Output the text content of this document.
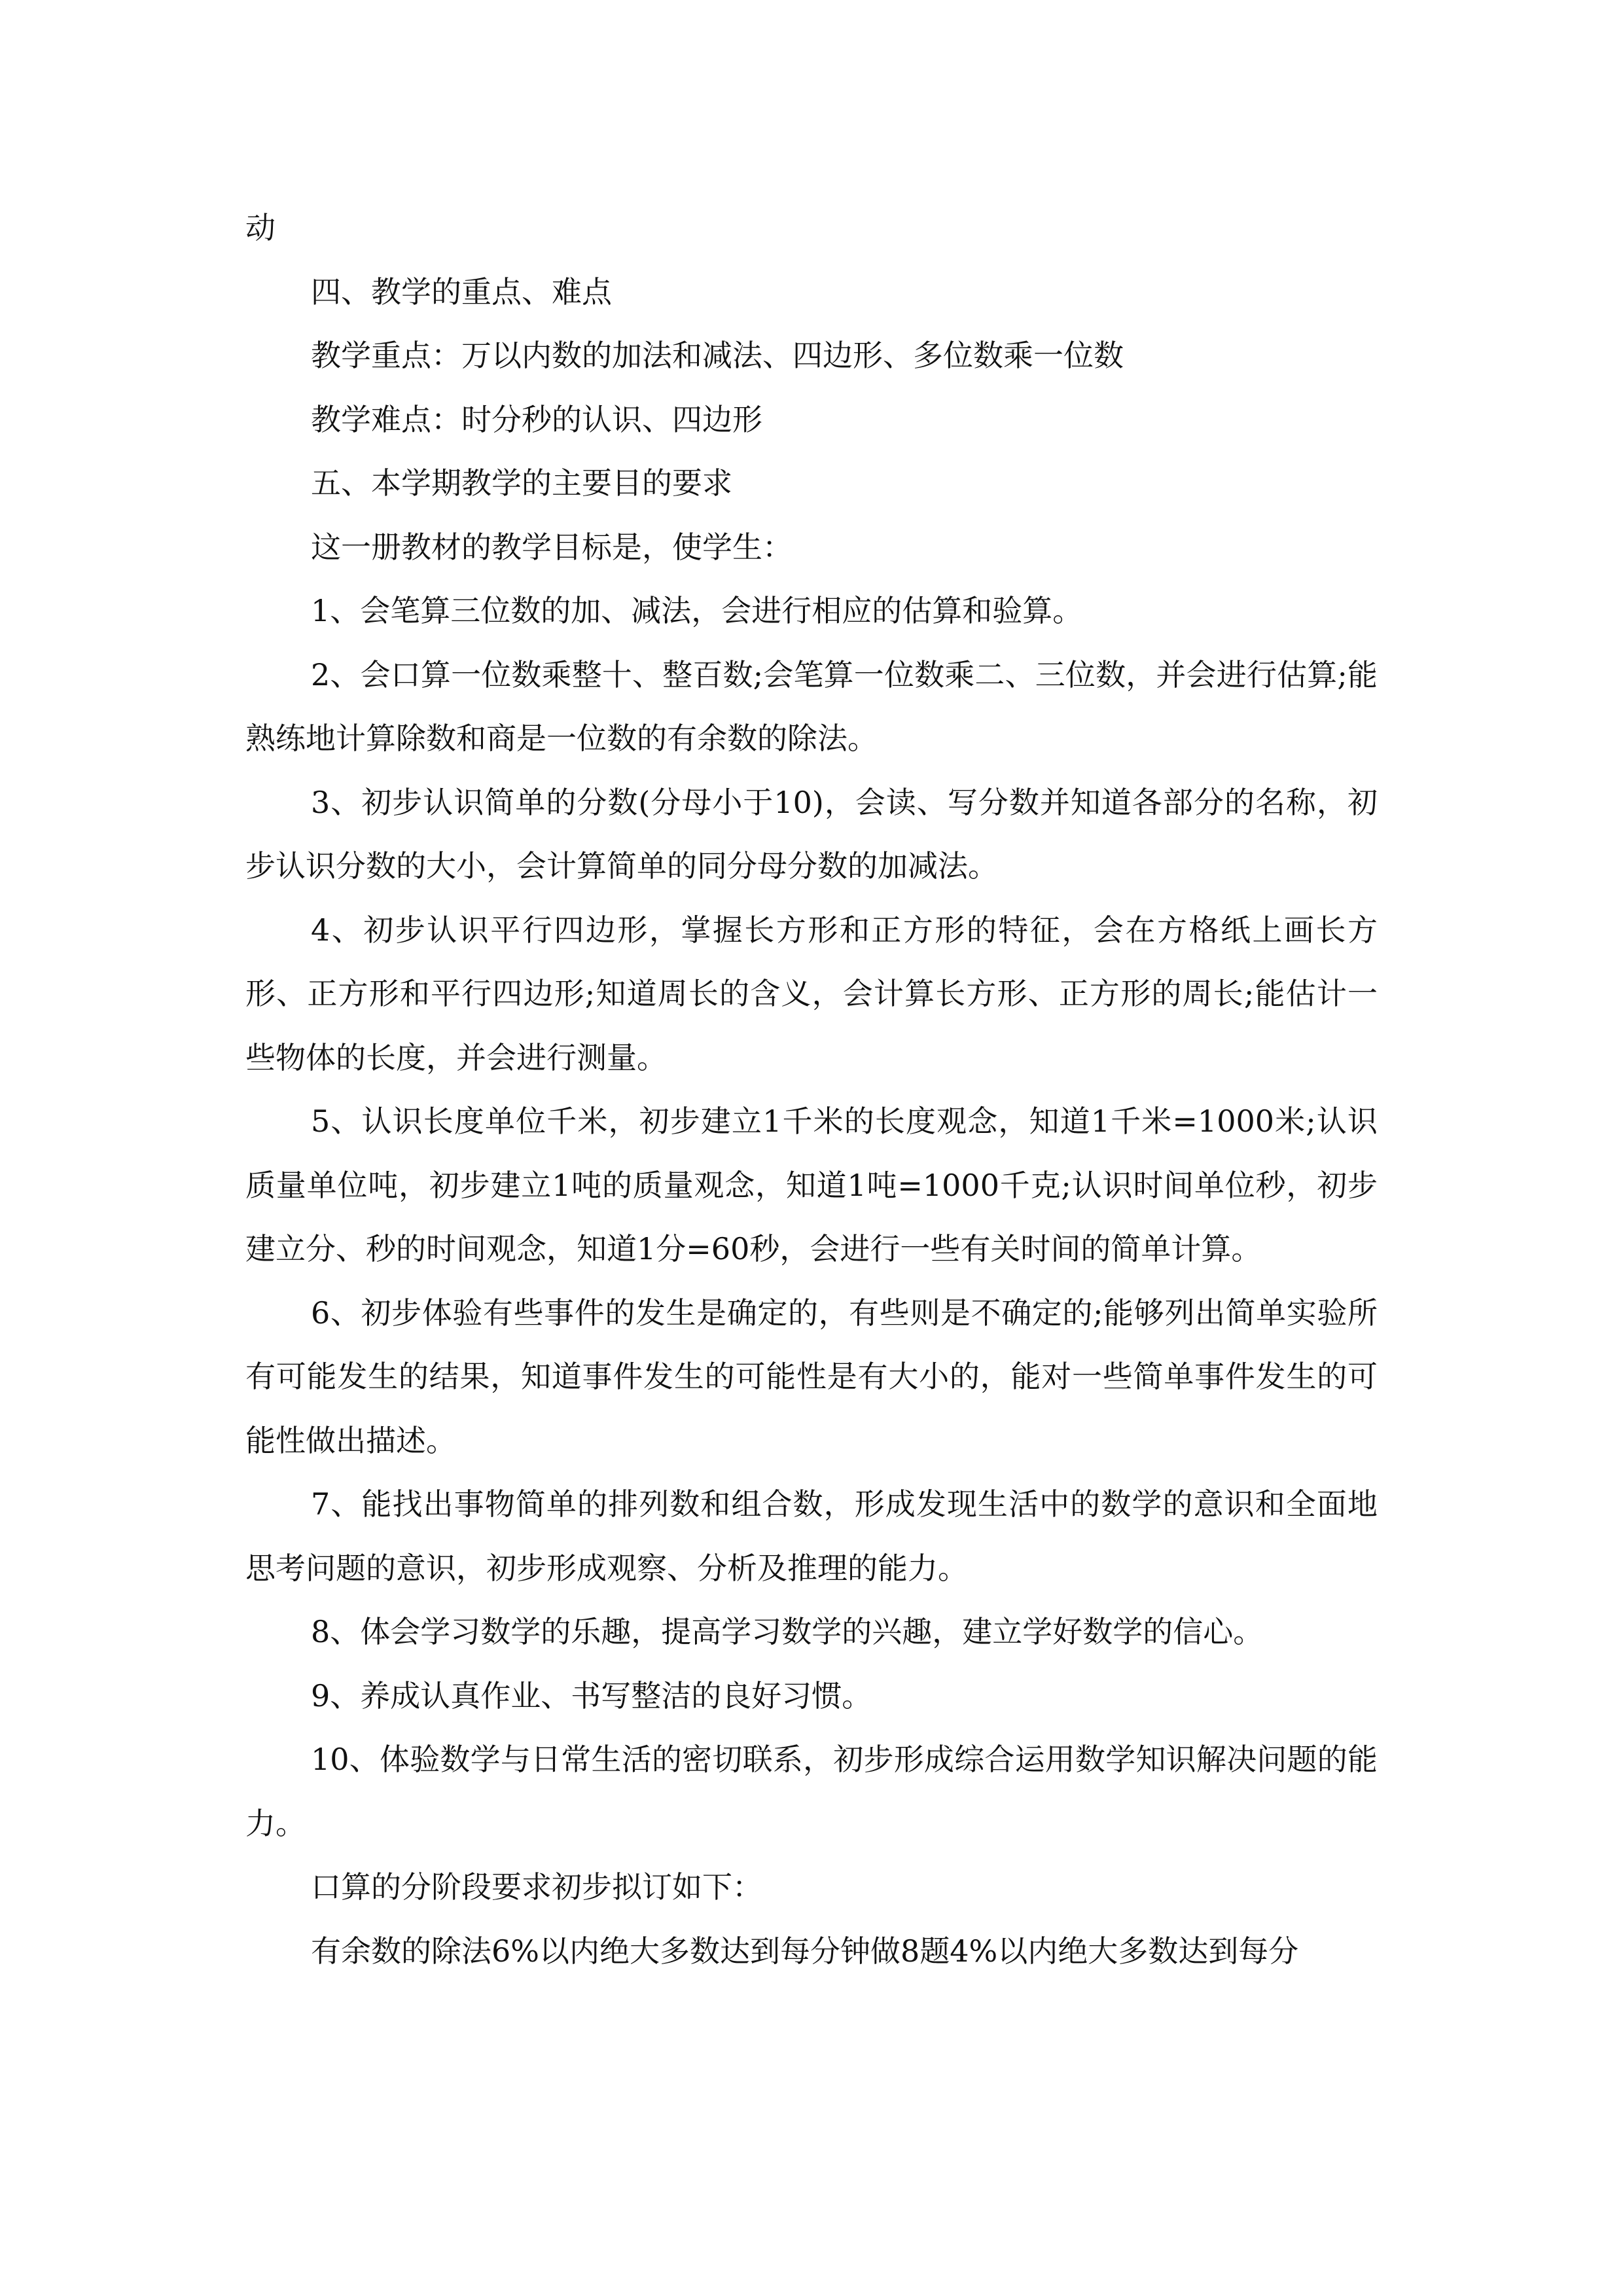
动

四、教学的重点、难点

教学重点：万以内数的加法和减法、四边形、多位数乘一位数

教学难点：时分秒的认识、四边形

五、本学期教学的主要目的要求

这一册教材的教学目标是，使学生：

1、会笔算三位数的加、减法，会进行相应的估算和验算。

2、会口算一位数乘整十、整百数;会笔算一位数乘二、三位数，并会进行估算;能熟练地计算除数和商是一位数的有余数的除法。

3、初步认识简单的分数(分母小于10)，会读、写分数并知道各部分的名称，初步认识分数的大小，会计算简单的同分母分数的加减法。

4、初步认识平行四边形，掌握长方形和正方形的特征，会在方格纸上画长方形、正方形和平行四边形;知道周长的含义，会计算长方形、正方形的周长;能估计一些物体的长度，并会进行测量。

5、认识长度单位千米，初步建立1千米的长度观念，知道1千米=1000米;认识质量单位吨，初步建立1吨的质量观念，知道1吨=1000千克;认识时间单位秒，初步建立分、秒的时间观念，知道1分=60秒，会进行一些有关时间的简单计算。

6、初步体验有些事件的发生是确定的，有些则是不确定的;能够列出简单实验所有可能发生的结果，知道事件发生的可能性是有大小的，能对一些简单事件发生的可能性做出描述。

7、能找出事物简单的排列数和组合数，形成发现生活中的数学的意识和全面地思考问题的意识，初步形成观察、分析及推理的能力。

8、体会学习数学的乐趣，提高学习数学的兴趣，建立学好数学的信心。

9、养成认真作业、书写整洁的良好习惯。

10、体验数学与日常生活的密切联系，初步形成综合运用数学知识解决问题的能力。

口算的分阶段要求初步拟订如下：

有余数的除法6%以内绝大多数达到每分钟做8题4%以内绝大多数达到每分
